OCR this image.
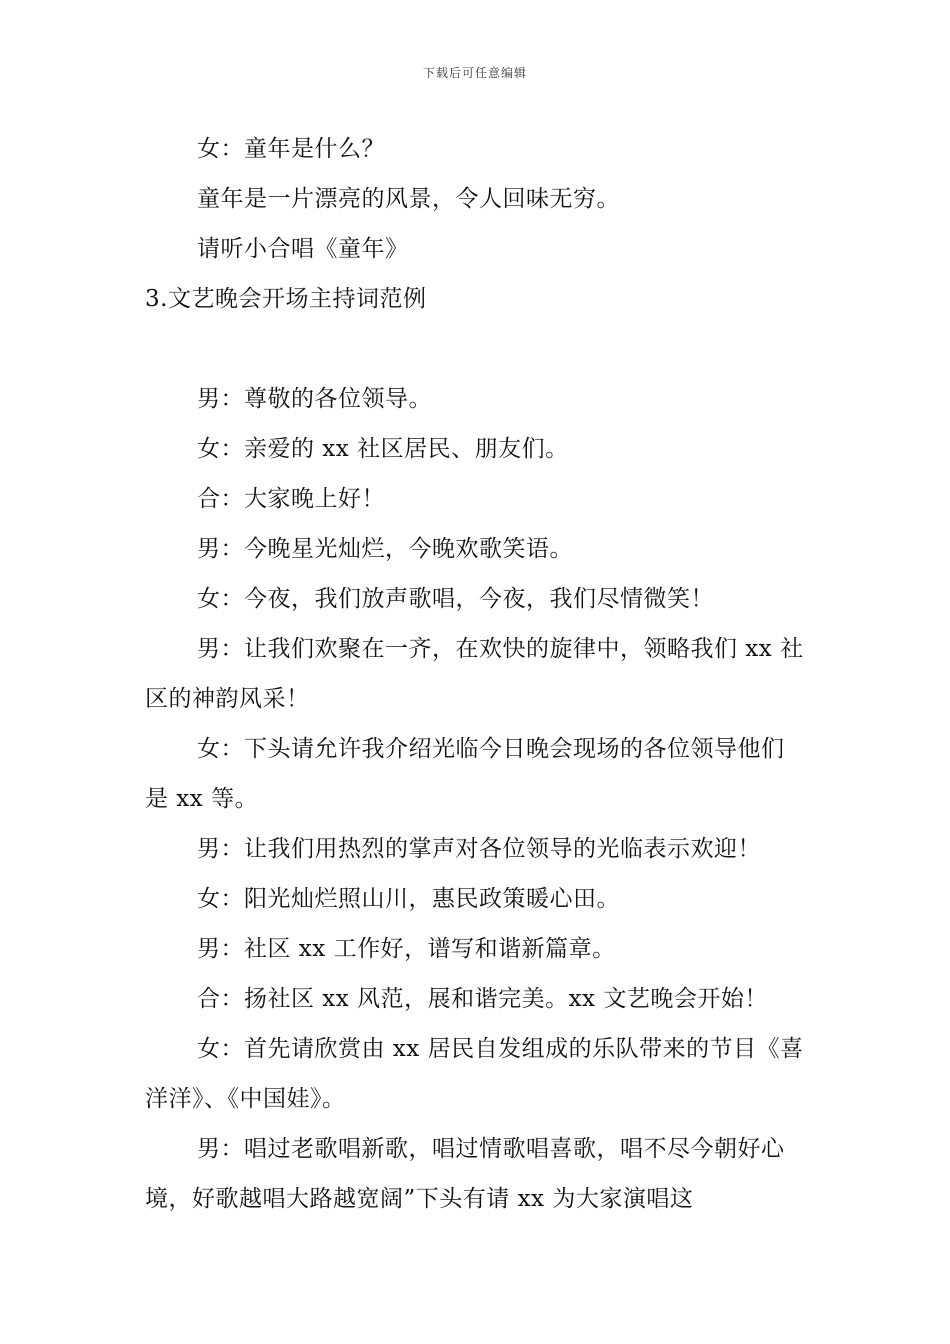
下载后可任意编辑

女：童年是什么？

童年是一片漂亮的风景，令人回味无穷。

请听小合唱《童年》

3.文艺晚会开场主持词范例

男：尊敬的各位领导。

女：亲爱的 xx 社区居民、朋友们。

合：大家晚上好！

男：今晚星光灿烂，今晚欢歌笑语。

女：今夜，我们放声歌唱，今夜，我们尽情微笑！

男：让我们欢聚在一齐，在欢快的旋律中，领略我们 xx 社区的神韵风采！

女：下头请允许我介绍光临今日晚会现场的各位领导他们是 xx 等。

男：让我们用热烈的掌声对各位领导的光临表示欢迎！

女：阳光灿烂照山川，惠民政策暖心田。

男：社区 xx 工作好，谱写和谐新篇章。

合：扬社区 xx 风范，展和谐完美。xx 文艺晚会开始！

女：首先请欣赏由 xx 居民自发组成的乐队带来的节目《喜洋洋》、《中国娃》。

男：唱过老歌唱新歌，唱过情歌唱喜歌，唱不尽今朝好心境，好歌越唱大路越宽阔”下头有请 xx 为大家演唱这
